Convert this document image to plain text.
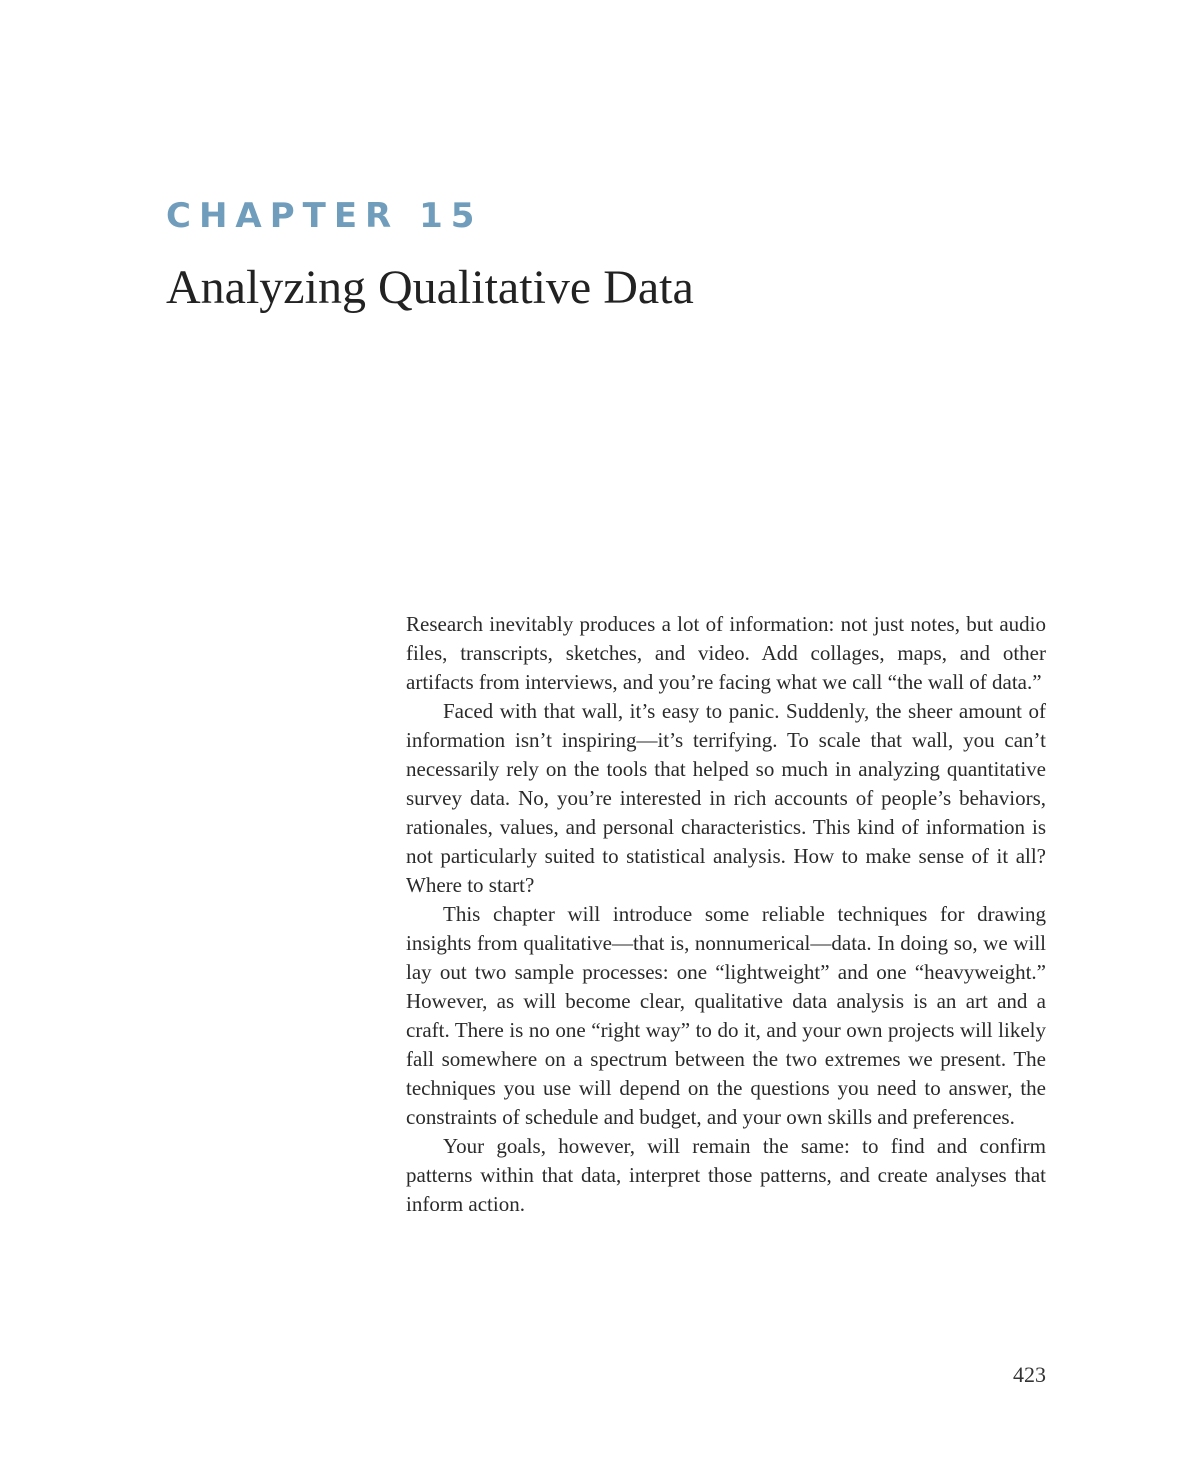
CHAPTER 15
Analyzing Qualitative Data

Research inevitably produces a lot of information: not just notes, but audio files, transcripts, sketches, and video. Add collages, maps, and other artifacts from interviews, and you’re facing what we call “the wall of data.”

Faced with that wall, it’s easy to panic. Suddenly, the sheer amount of information isn’t inspiring—it’s terrifying. To scale that wall, you can’t necessarily rely on the tools that helped so much in analyzing quantitative survey data. No, you’re interested in rich accounts of people’s behaviors, rationales, values, and personal characteristics. This kind of information is not particularly suited to statistical analysis. How to make sense of it all? Where to start?

This chapter will introduce some reliable techniques for drawing insights from qualitative—that is, nonnumerical—data. In doing so, we will lay out two sample processes: one “lightweight” and one “heavyweight.” However, as will become clear, qualitative data analysis is an art and a craft. There is no one “right way” to do it, and your own projects will likely fall somewhere on a spectrum between the two extremes we present. The techniques you use will depend on the questions you need to answer, the constraints of schedule and budget, and your own skills and preferences.

Your goals, however, will remain the same: to find and confirm patterns within that data, interpret those patterns, and create analyses that inform action.

423
